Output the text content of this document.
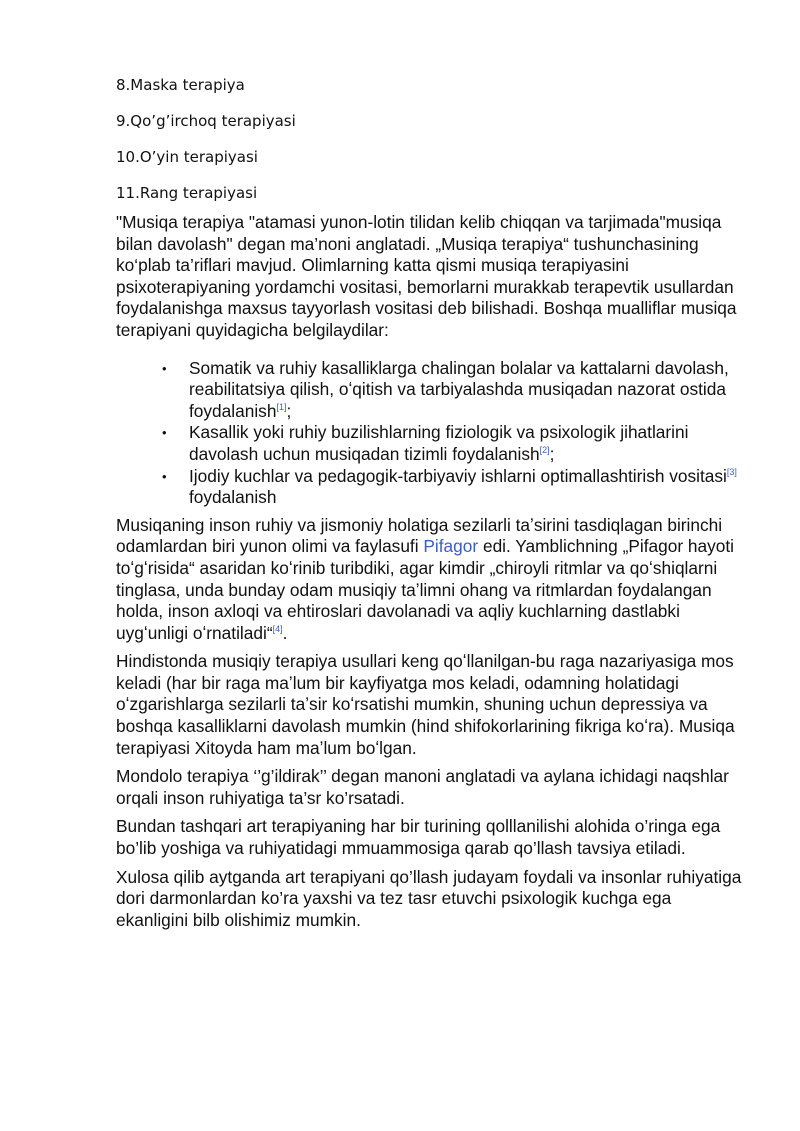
8.Maska terapiya

9.Qo’g’irchoq terapiyasi

10.O’yin terapiyasi

11.Rang terapiyasi

"Musiqa terapiya "atamasi yunon-lotin tilidan kelib chiqqan va tarjimada"musiqa bilan davolash" degan ma’noni anglatadi. „Musiqa terapiya“ tushunchasining ko‘plab ta’riflari mavjud. Olimlarning katta qismi musiqa terapiyasini psixoterapiyaning yordamchi vositasi, bemorlarni murakkab terapevtik usullardan foydalanishga maxsus tayyorlash vositasi deb bilishadi. Boshqa mualliflar musiqa terapiyani quyidagicha belgilaydilar:

• Somatik va ruhiy kasalliklarga chalingan bolalar va kattalarni davolash, reabilitatsiya qilish, oʻqitish va tarbiyalashda musiqadan nazorat ostida foydalanish[1];
• Kasallik yoki ruhiy buzilishlarning fiziologik va psixologik jihatlarini davolash uchun musiqadan tizimli foydalanish[2];
• Ijodiy kuchlar va pedagogik-tarbiyaviy ishlarni optimallashtirish vositasi[3] foydalanish

Musiqaning inson ruhiy va jismoniy holatiga sezilarli taʼsirini tasdiqlagan birinchi odamlardan biri yunon olimi va faylasufi Pifagor edi. Yamblichning „Pifagor hayoti toʻgʻrisida“ asaridan koʻrinib turibdiki, agar kimdir „chiroyli ritmlar va qoʻshiqlarni tinglasa, unda bunday odam musiqiy taʼlimni ohang va ritmlardan foydalangan holda, inson axloqi va ehtiroslari davolanadi va aqliy kuchlarning dastlabki uygʻunligi oʻrnatiladi“[4].

Hindistonda musiqiy terapiya usullari keng qoʻllanilgan-bu raga nazariyasiga mos keladi (har bir raga maʼlum bir kayfiyatga mos keladi, odamning holatidagi oʻzgarishlarga sezilarli taʼsir koʻrsatishi mumkin, shuning uchun depressiya va boshqa kasalliklarni davolash mumkin (hind shifokorlarining fikriga koʻra). Musiqa terapiyasi Xitoyda ham maʼlum boʻlgan.

Mondolo terapiya ‘’g’ildirak’’ degan manoni anglatadi va aylana ichidagi naqshlar orqali inson ruhiyatiga ta’sr ko’rsatadi.

Bundan tashqari art terapiyaning har bir turining qolllanilishi alohida o’ringa ega bo’lib yoshiga va ruhiyatidagi mmuammosiga qarab qo’llash tavsiya etiladi.

Xulosa qilib aytganda art terapiyani qo’llash judayam foydali va insonlar ruhiyatiga dori darmonlardan ko’ra yaxshi va tez tasr etuvchi psixologik kuchga ega ekanligini bilb olishimiz mumkin.
